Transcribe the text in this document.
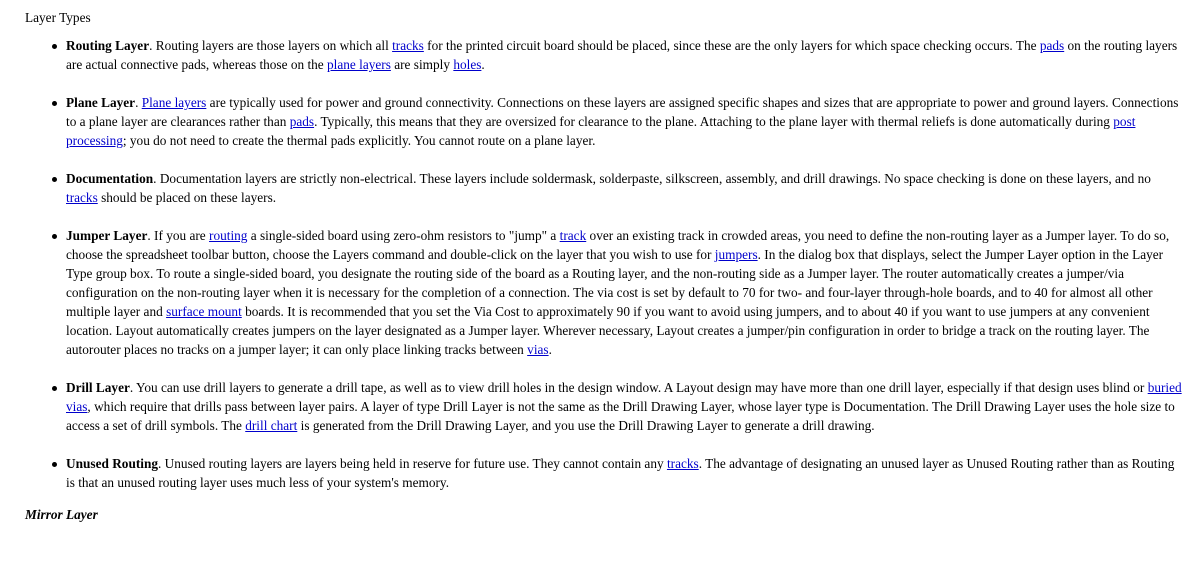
Layer Types
Routing Layer. Routing layers are those layers on which all tracks for the printed circuit board should be placed, since these are the only layers for which space checking occurs. The pads on the routing layers are actual connective pads, whereas those on the plane layers are simply holes.
Plane Layer. Plane layers are typically used for power and ground connectivity. Connections on these layers are assigned specific shapes and sizes that are appropriate to power and ground layers. Connections to a plane layer are clearances rather than pads. Typically, this means that they are oversized for clearance to the plane. Attaching to the plane layer with thermal reliefs is done automatically during post processing; you do not need to create the thermal pads explicitly. You cannot route on a plane layer.
Documentation. Documentation layers are strictly non-electrical. These layers include soldermask, solderpaste, silkscreen, assembly, and drill drawings. No space checking is done on these layers, and no tracks should be placed on these layers.
Jumper Layer. If you are routing a single-sided board using zero-ohm resistors to "jump" a track over an existing track in crowded areas, you need to define the non-routing layer as a Jumper layer. To do so, choose the spreadsheet toolbar button, choose the Layers command and double-click on the layer that you wish to use for jumpers. In the dialog box that displays, select the Jumper Layer option in the Layer Type group box. To route a single-sided board, you designate the routing side of the board as a Routing layer, and the non-routing side as a Jumper layer. The router automatically creates a jumper/via configuration on the non-routing layer when it is necessary for the completion of a connection. The via cost is set by default to 70 for two- and four-layer through-hole boards, and to 40 for almost all other multiple layer and surface mount boards. It is recommended that you set the Via Cost to approximately 90 if you want to avoid using jumpers, and to about 40 if you want to use jumpers at any convenient location. Layout automatically creates jumpers on the layer designated as a Jumper layer. Wherever necessary, Layout creates a jumper/pin configuration in order to bridge a track on the routing layer. The autorouter places no tracks on a jumper layer; it can only place linking tracks between vias.
Drill Layer. You can use drill layers to generate a drill tape, as well as to view drill holes in the design window. A Layout design may have more than one drill layer, especially if that design uses blind or buried vias, which require that drills pass between layer pairs. A layer of type Drill Layer is not the same as the Drill Drawing Layer, whose layer type is Documentation. The Drill Drawing Layer uses the hole size to access a set of drill symbols. The drill chart is generated from the Drill Drawing Layer, and you use the Drill Drawing Layer to generate a drill drawing.
Unused Routing. Unused routing layers are layers being held in reserve for future use. They cannot contain any tracks. The advantage of designating an unused layer as Unused Routing rather than as Routing is that an unused routing layer uses much less of your system's memory.
Mirror Layer
